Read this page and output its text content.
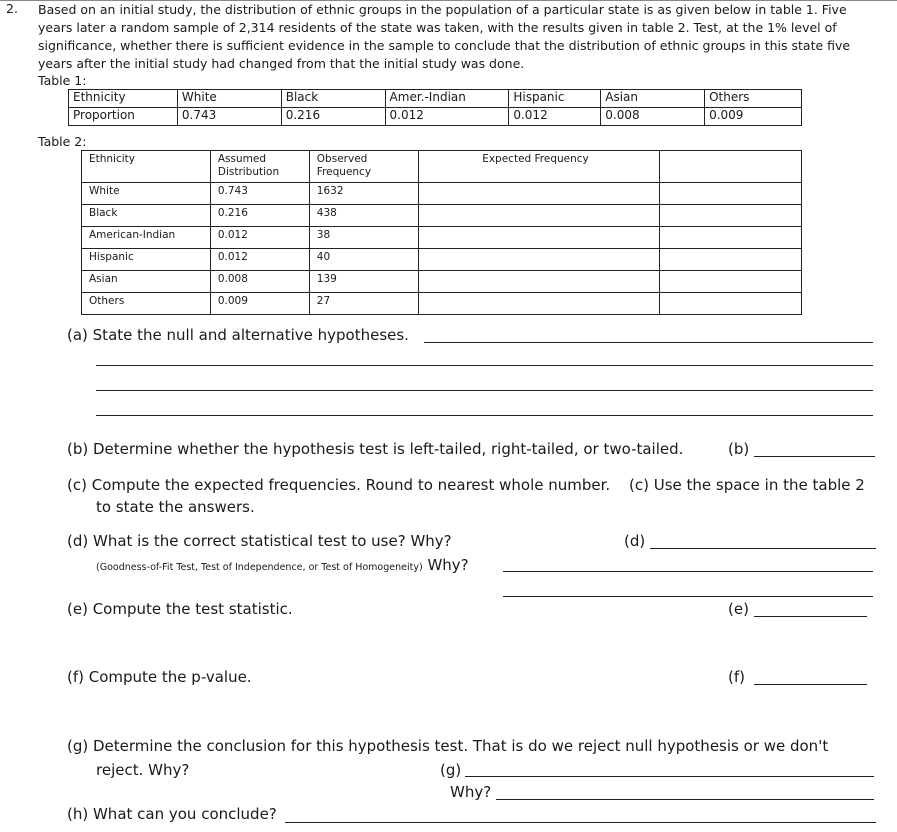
2. Based on an initial study, the distribution of ethnic groups in the population of a particular state is as given below in table 1. Five years later a random sample of 2,314 residents of the state was taken, with the results given in table 2. Test, at the 1% level of significance, whether there is sufficient evidence in the sample to conclude that the distribution of ethnic groups in this state five years after the initial study had changed from that the initial study was done.
Table 1:
Ethnicity	White	Black	Amer.-Indian	Hispanic	Asian	Others
Proportion	0.743	0.216	0.012	0.012	0.008	0.009
Table 2:
Ethnicity	Assumed Distribution	Observed Frequency	Expected Frequency	
White	0.743	1632		
Black	0.216	438		
American-Indian	0.012	38		
Hispanic	0.012	40		
Asian	0.008	139		
Others	0.009	27		
(a) State the null and alternative hypotheses.
(b) Determine whether the hypothesis test is left-tailed, right-tailed, or two-tailed.	(b)
(c) Compute the expected frequencies. Round to nearest whole number. (c) Use the space in the table 2
to state the answers.
(d) What is the correct statistical test to use? Why?	(d)
(Goodness-of-Fit Test, Test of Independence, or Test of Homogeneity) Why?
(e) Compute the test statistic.	(e)
(f) Compute the p-value.	(f)
(g) Determine the conclusion for this hypothesis test. That is do we reject null hypothesis or we don't
reject. Why?	(g)
Why?
(h) What can you conclude?
